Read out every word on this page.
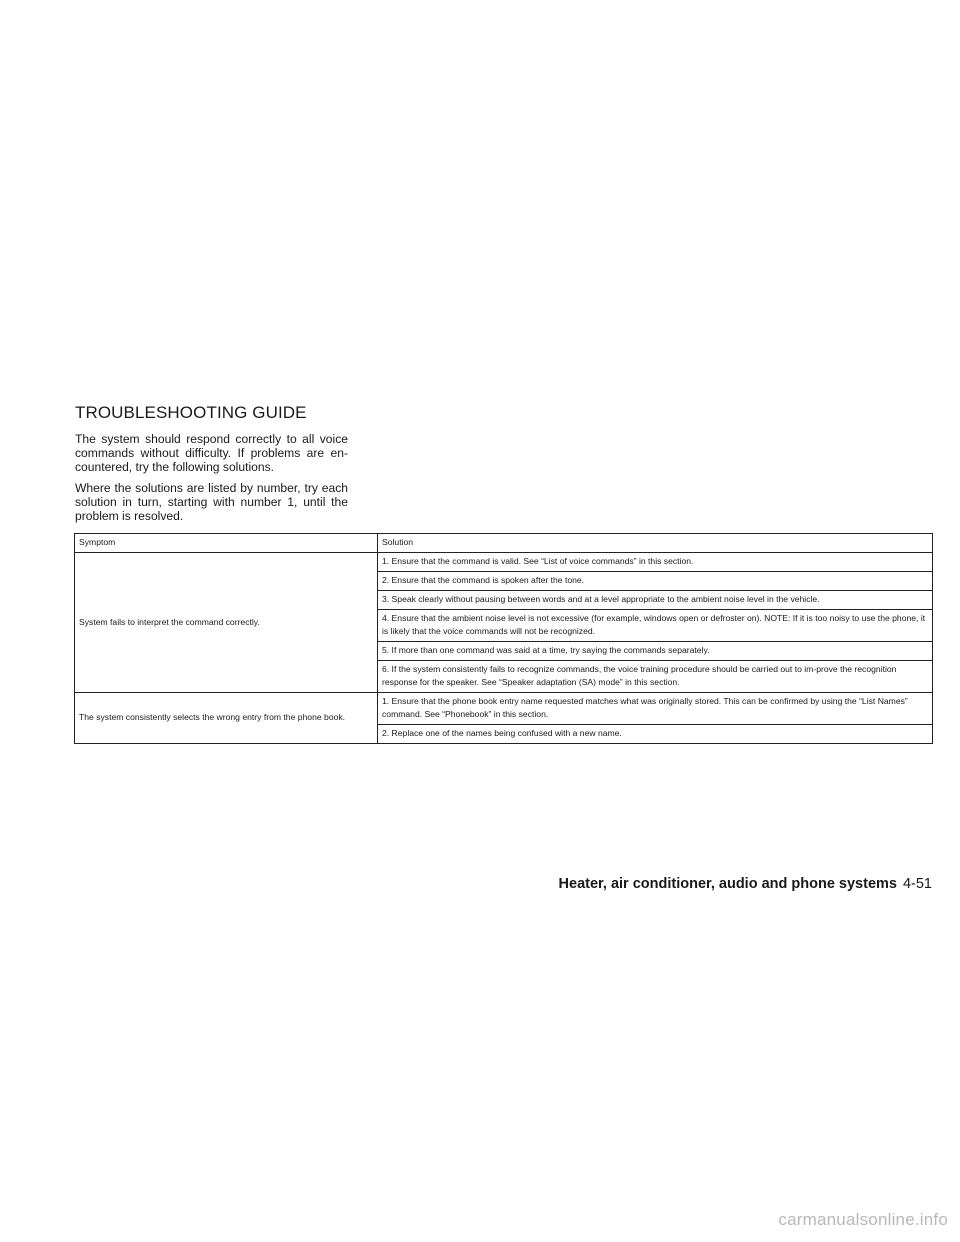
TROUBLESHOOTING GUIDE

The system should respond correctly to all voice commands without difficulty. If problems are en-countered, try the following solutions.

Where the solutions are listed by number, try each solution in turn, starting with number 1, until the problem is resolved.

Symptom	Solution
System fails to interpret the command correctly.	1. Ensure that the command is valid. See “List of voice commands” in this section.
	2. Ensure that the command is spoken after the tone.
	3. Speak clearly without pausing between words and at a level appropriate to the ambient noise level in the vehicle.
	4. Ensure that the ambient noise level is not excessive (for example, windows open or defroster on). NOTE: If it is too noisy to use the phone, it is likely that the voice commands will not be recognized.
	5. If more than one command was said at a time, try saying the commands separately.
	6. If the system consistently fails to recognize commands, the voice training procedure should be carried out to im-prove the recognition response for the speaker. See “Speaker adaptation (SA) mode” in this section.
The system consistently selects the wrong entry from the phone book.	1. Ensure that the phone book entry name requested matches what was originally stored. This can be confirmed by using the “List Names” command. See “Phonebook” in this section.
	2. Replace one of the names being confused with a new name.
Heater, air conditioner, audio and phone systems 4-51
carmanualsonline.info
